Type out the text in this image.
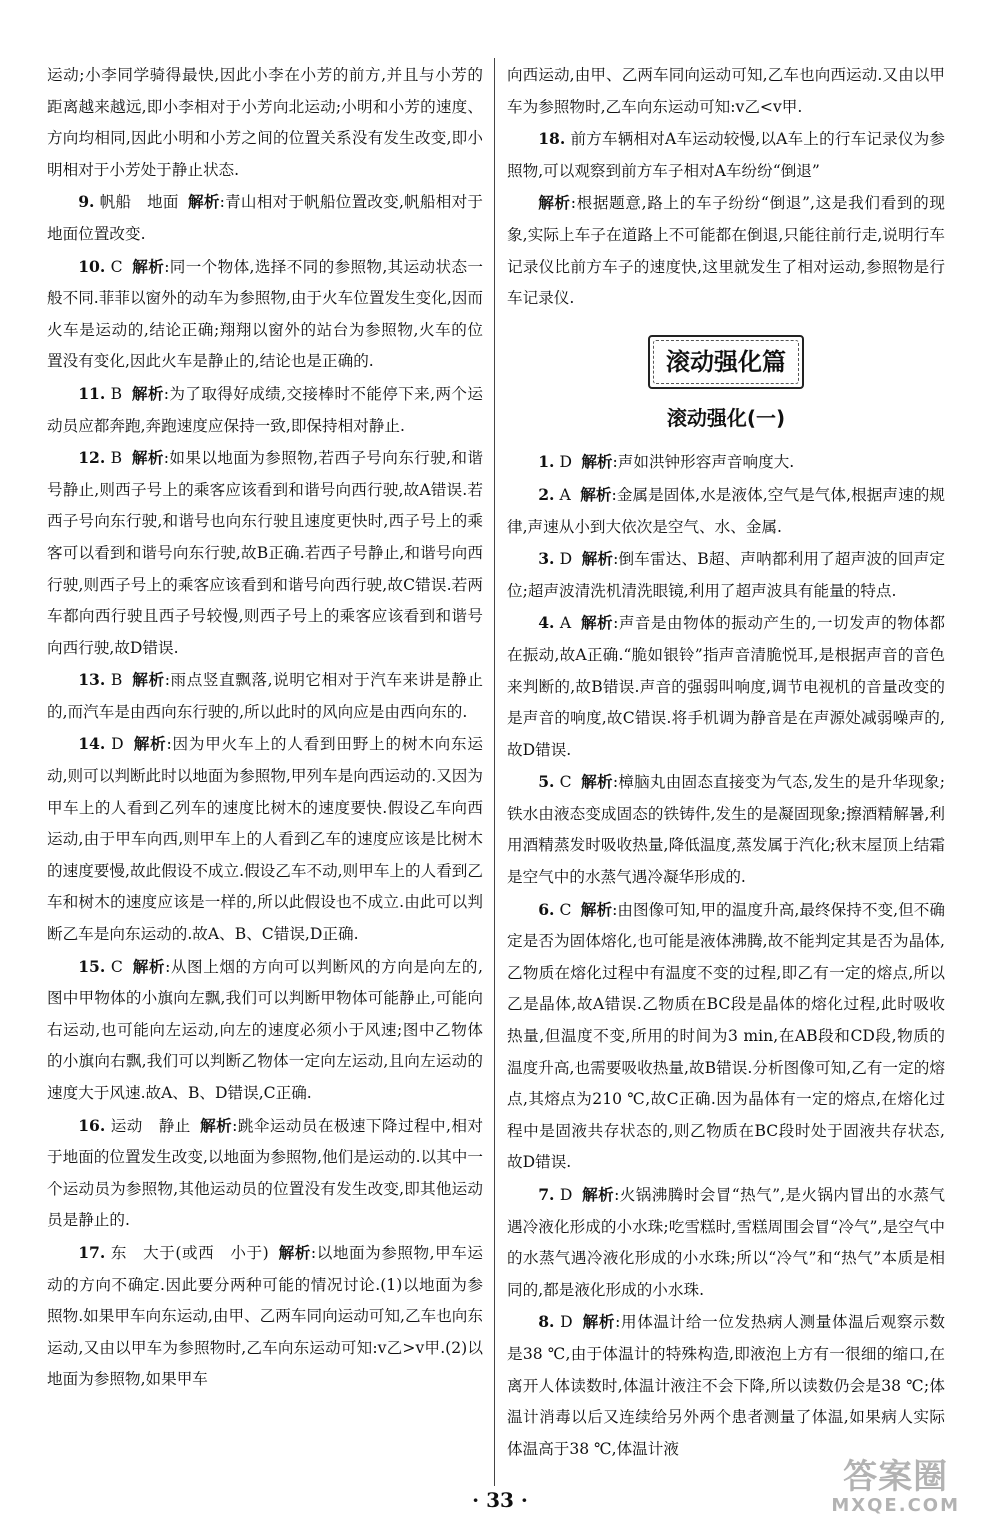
运动;小李同学骑得最快,因此小李在小芳的前方,并且与小芳的距离越来越远,即小李相对于小芳向北运动;小明和小芳的速度、方向均相同,因此小明和小芳之间的位置关系没有发生改变,即小明相对于小芳处于静止状态.

9. 帆船　地面 解析:青山相对于帆船位置改变,帆船相对于地面位置改变.

10. C 解析:同一个物体,选择不同的参照物,其运动状态一般不同.菲菲以窗外的动车为参照物,由于火车位置发生变化,因而火车是运动的,结论正确;翔翔以窗外的站台为参照物,火车的位置没有变化,因此火车是静止的,结论也是正确的.

11. B 解析:为了取得好成绩,交接棒时不能停下来,两个运动员应都奔跑,奔跑速度应保持一致,即保持相对静止.

12. B 解析:如果以地面为参照物,若西子号向东行驶,和谐号静止,则西子号上的乘客应该看到和谐号向西行驶,故A错误.若西子号向东行驶,和谐号也向东行驶且速度更快时,西子号上的乘客可以看到和谐号向东行驶,故B正确.若西子号静止,和谐号向西行驶,则西子号上的乘客应该看到和谐号向西行驶,故C错误.若两车都向西行驶且西子号较慢,则西子号上的乘客应该看到和谐号向西行驶,故D错误.

13. B 解析:雨点竖直飘落,说明它相对于汽车来讲是静止的,而汽车是由西向东行驶的,所以此时的风向应是由西向东的.

14. D 解析:因为甲火车上的人看到田野上的树木向东运动,则可以判断此时以地面为参照物,甲列车是向西运动的.又因为甲车上的人看到乙列车的速度比树木的速度要快.假设乙车向西运动,由于甲车向西,则甲车上的人看到乙车的速度应该是比树木的速度要慢,故此假设不成立.假设乙车不动,则甲车上的人看到乙车和树木的速度应该是一样的,所以此假设也不成立.由此可以判断乙车是向东运动的.故A、B、C错误,D正确.

15. C 解析:从图上烟的方向可以判断风的方向是向左的,图中甲物体的小旗向左飘,我们可以判断甲物体可能静止,可能向右运动,也可能向左运动,向左的速度必须小于风速;图中乙物体的小旗向右飘,我们可以判断乙物体一定向左运动,且向左运动的速度大于风速.故A、B、D错误,C正确.

16. 运动　静止 解析:跳伞运动员在极速下降过程中,相对于地面的位置发生改变,以地面为参照物,他们是运动的.以其中一个运动员为参照物,其他运动员的位置没有发生改变,即其他运动员是静止的.

17. 东　大于(或西　小于) 解析:以地面为参照物,甲车运动的方向不确定.因此要分两种可能的情况讨论.(1)以地面为参照物.如果甲车向东运动,由甲、乙两车同向运动可知,乙车也向东运动,又由以甲车为参照物时,乙车向东运动可知:v乙>v甲.(2)以地面为参照物,如果甲车

向西运动,由甲、乙两车同向运动可知,乙车也向西运动.又由以甲车为参照物时,乙车向东运动可知:v乙<v甲.

18. 前方车辆相对A车运动较慢,以A车上的行车记录仪为参照物,可以观察到前方车子相对A车纷纷“倒退”

解析:根据题意,路上的车子纷纷“倒退”,这是我们看到的现象,实际上车子在道路上不可能都在倒退,只能往前行走,说明行车记录仪比前方车子的速度快,这里就发生了相对运动,参照物是行车记录仪.

滚动强化篇
滚动强化(一)

1. D 解析:声如洪钟形容声音响度大.

2. A 解析:金属是固体,水是液体,空气是气体,根据声速的规律,声速从小到大依次是空气、水、金属.

3. D 解析:倒车雷达、B超、声呐都利用了超声波的回声定位;超声波清洗机清洗眼镜,利用了超声波具有能量的特点.

4. A 解析:声音是由物体的振动产生的,一切发声的物体都在振动,故A正确.“脆如银铃”指声音清脆悦耳,是根据声音的音色来判断的,故B错误.声音的强弱叫响度,调节电视机的音量改变的是声音的响度,故C错误.将手机调为静音是在声源处减弱噪声的,故D错误.

5. C 解析:樟脑丸由固态直接变为气态,发生的是升华现象;铁水由液态变成固态的铁铸件,发生的是凝固现象;擦酒精解暑,利用酒精蒸发时吸收热量,降低温度,蒸发属于汽化;秋末屋顶上结霜是空气中的水蒸气遇冷凝华形成的.

6. C 解析:由图像可知,甲的温度升高,最终保持不变,但不确定是否为固体熔化,也可能是液体沸腾,故不能判定其是否为晶体,乙物质在熔化过程中有温度不变的过程,即乙有一定的熔点,所以乙是晶体,故A错误.乙物质在BC段是晶体的熔化过程,此时吸收热量,但温度不变,所用的时间为3 min,在AB段和CD段,物质的温度升高,也需要吸收热量,故B错误.分析图像可知,乙有一定的熔点,其熔点为210 ℃,故C正确.因为晶体有一定的熔点,在熔化过程中是固液共存状态的,则乙物质在BC段时处于固液共存状态,故D错误.

7. D 解析:火锅沸腾时会冒“热气”,是火锅内冒出的水蒸气遇冷液化形成的小水珠;吃雪糕时,雪糕周围会冒“冷气”,是空气中的水蒸气遇冷液化形成的小水珠;所以“冷气”和“热气”本质是相同的,都是液化形成的小水珠.

8. D 解析:用体温计给一位发热病人测量体温后观察示数是38 ℃,由于体温计的特殊构造,即液泡上方有一很细的缩口,在离开人体读数时,体温计液注不会下降,所以读数仍会是38 ℃;体温计消毒以后又连续给另外两个患者测量了体温,如果病人实际体温高于38 ℃,体温计液

· 33 ·
答案圈
MXQE.COM
